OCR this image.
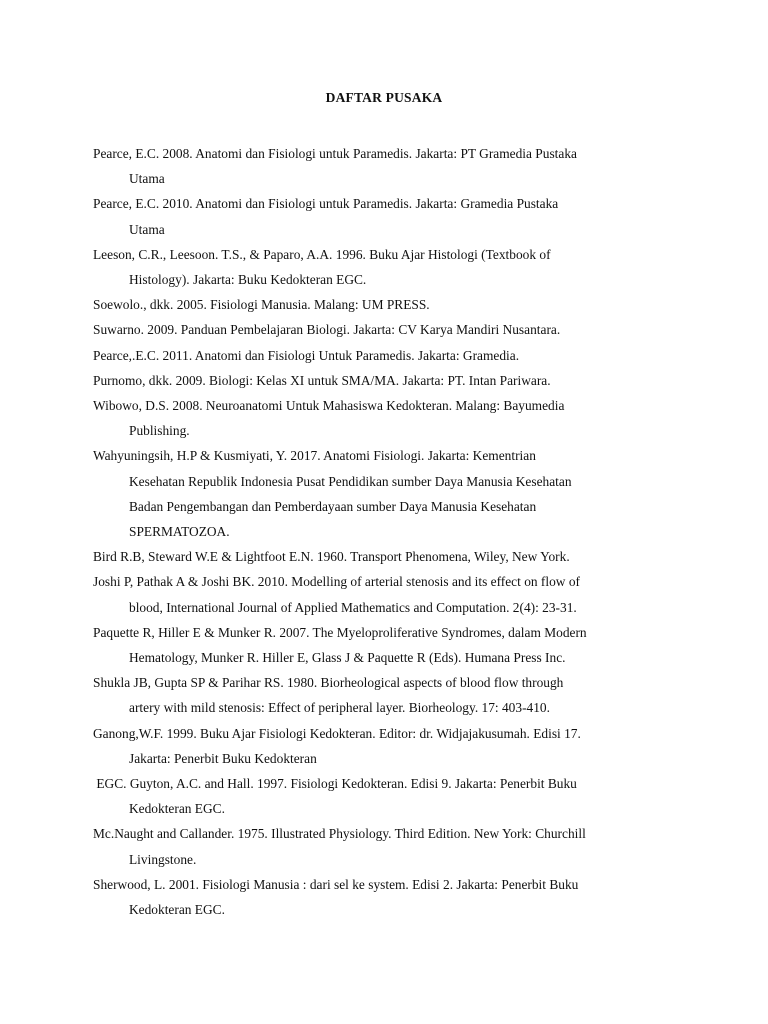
DAFTAR PUSAKA
Pearce, E.C. 2008. Anatomi dan Fisiologi untuk Paramedis. Jakarta: PT Gramedia Pustaka
Utama
Pearce, E.C. 2010. Anatomi dan Fisiologi untuk Paramedis. Jakarta: Gramedia Pustaka
Utama
Leeson, C.R., Leesoon. T.S., & Paparo, A.A. 1996. Buku Ajar Histologi (Textbook of
Histology). Jakarta: Buku Kedokteran EGC.
Soewolo., dkk. 2005. Fisiologi Manusia. Malang: UM PRESS.
Suwarno. 2009. Panduan Pembelajaran Biologi. Jakarta: CV Karya Mandiri Nusantara.
Pearce,.E.C. 2011. Anatomi dan Fisiologi Untuk Paramedis. Jakarta: Gramedia.
Purnomo, dkk. 2009. Biologi: Kelas XI untuk SMA/MA. Jakarta: PT. Intan Pariwara.
Wibowo, D.S. 2008. Neuroanatomi Untuk Mahasiswa Kedokteran. Malang: Bayumedia
Publishing.
Wahyuningsih, H.P & Kusmiyati, Y. 2017. Anatomi Fisiologi. Jakarta: Kementrian
Kesehatan Republik Indonesia Pusat Pendidikan sumber Daya Manusia Kesehatan
Badan Pengembangan dan Pemberdayaan sumber Daya Manusia Kesehatan
SPERMATOZOA.
Bird R.B, Steward W.E & Lightfoot E.N. 1960. Transport Phenomena, Wiley, New York.
Joshi P, Pathak A & Joshi BK. 2010. Modelling of arterial stenosis and its effect on flow of
blood, International Journal of Applied Mathematics and Computation. 2(4): 23-31.
Paquette R, Hiller E & Munker R. 2007. The Myeloproliferative Syndromes, dalam Modern
Hematology, Munker R. Hiller E, Glass J & Paquette R (Eds). Humana Press Inc.
Shukla JB, Gupta SP & Parihar RS. 1980. Biorheological aspects of blood flow through
artery with mild stenosis: Effect of peripheral layer. Biorheology. 17: 403-410.
Ganong,W.F. 1999. Buku Ajar Fisiologi Kedokteran. Editor: dr. Widjajakusumah. Edisi 17.
Jakarta: Penerbit Buku Kedokteran
EGC. Guyton, A.C. and Hall. 1997. Fisiologi Kedokteran. Edisi 9. Jakarta: Penerbit Buku
Kedokteran EGC.
Mc.Naught and Callander. 1975. Illustrated Physiology. Third Edition. New York: Churchill
Livingstone.
Sherwood, L. 2001. Fisiologi Manusia : dari sel ke system. Edisi 2. Jakarta: Penerbit Buku
Kedokteran EGC.
